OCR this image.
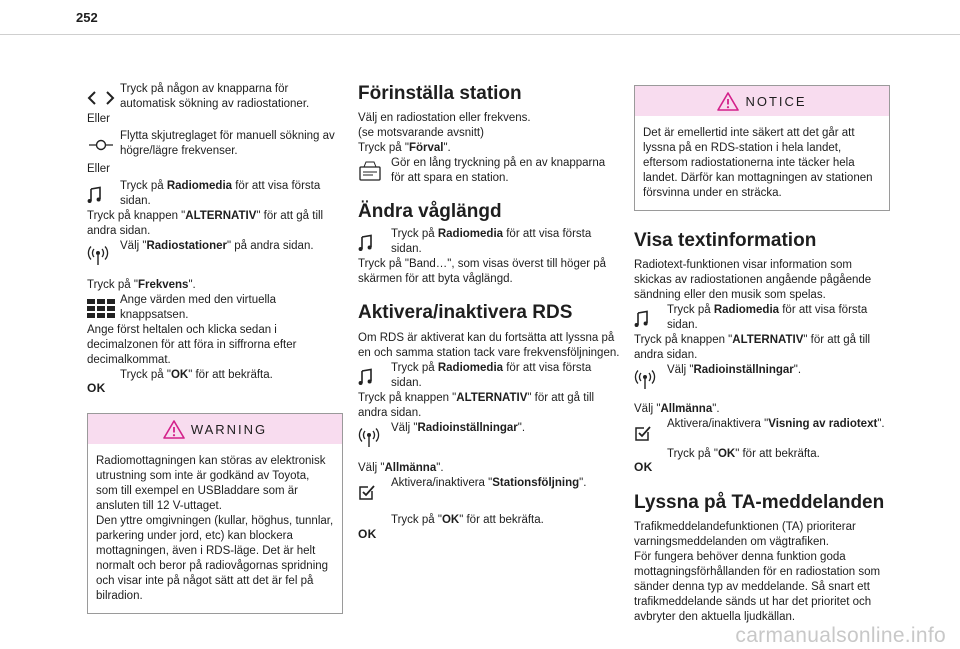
252

Tryck på någon av knapparna för automatisk sökning av radiostationer.

Eller

Flytta skjutreglaget för manuell sökning av högre/lägre frekvenser.

Eller

Tryck på Radiomedia för att visa första sidan.

Tryck på knappen "ALTERNATIV" för att gå till andra sidan.

Välj "Radiostationer" på andra sidan.

Tryck på "Frekvens".

Ange värden med den virtuella knappsatsen.

Ange först heltalen och klicka sedan i decimalzonen för att föra in siffrorna efter decimalkommat.

OK

Tryck på "OK" för att bekräfta.

WARNING
Radiomottagningen kan störas av elektronisk utrustning som inte är godkänd av Toyota, som till exempel en USBladdare som är ansluten till 12 V-uttaget.
Den yttre omgivningen (kullar, höghus, tunnlar, parkering under jord, etc) kan blockera mottagningen, även i RDS-läge. Det är helt normalt och beror på radiovågornas spridning och visar inte på något sätt att det är fel på bilradion.
Förinställa station

Välj en radiostation eller frekvens.

(se motsvarande avsnitt)

Tryck på "Förval".

Gör en lång tryckning på en av knapparna för att spara en station.

Ändra våglängd

Tryck på Radiomedia för att visa första sidan.

Tryck på "Band…", som visas överst till höger på skärmen för att byta våglängd.

Aktivera/inaktivera RDS

Om RDS är aktiverat kan du fortsätta att lyssna på en och samma station tack vare frekvensföljningen.

Tryck på Radiomedia för att visa första sidan.

Tryck på knappen "ALTERNATIV" för att gå till andra sidan.

Välj "Radioinställningar".

Välj "Allmänna".

Aktivera/inaktivera "Stationsföljning".

OK

Tryck på "OK" för att bekräfta.

NOTICE
Det är emellertid inte säkert att det går att lyssna på en RDS-station i hela landet, eftersom radiostationerna inte täcker hela landet. Därför kan mottagningen av stationen försvinna under en sträcka.
Visa textinformation

Radiotext-funktionen visar information som skickas av radiostationen angående pågående sändning eller den musik som spelas.

Tryck på Radiomedia för att visa första sidan.

Tryck på knappen "ALTERNATIV" för att gå till andra sidan.

Välj "Radioinställningar".

Välj "Allmänna".

Aktivera/inaktivera "Visning av radiotext".

OK

Tryck på "OK" för att bekräfta.

Lyssna på TA-meddelanden

Trafikmeddelandefunktionen (TA) prioriterar varningsmeddelanden om vägtrafiken.

För fungera behöver denna funktion goda mottagningsförhållanden för en radiostation som sänder denna typ av meddelande. Så snart ett trafikmeddelande sänds ut har det prioritet och avbryter den aktuella ljudkällan.

carmanualsonline.info
